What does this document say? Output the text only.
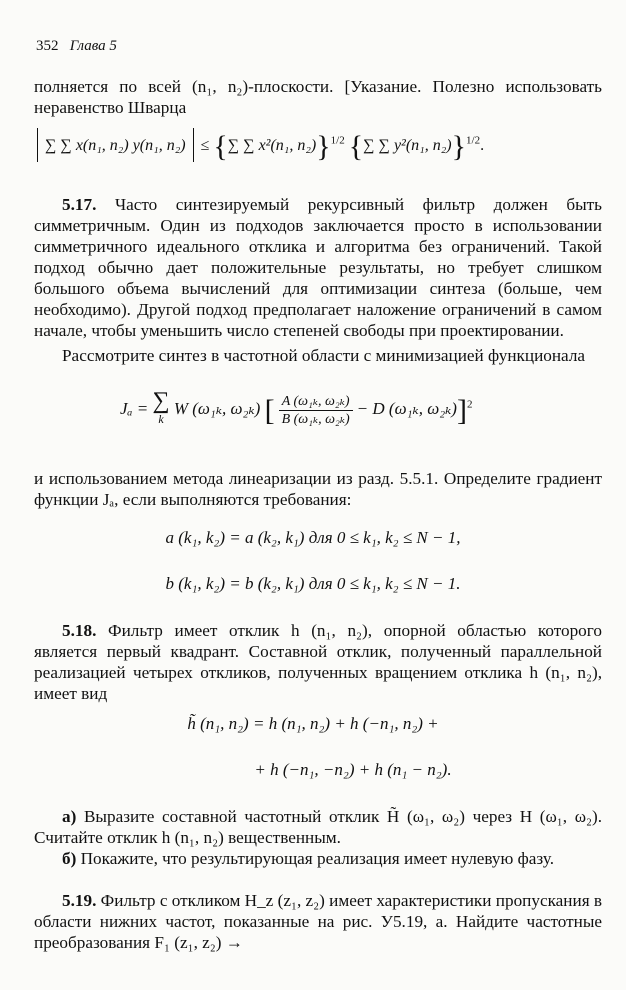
352 Глава 5
полняется по всей (n₁, n₂)-плоскости. [Указание. Полезно использовать неравенство Шварца
∑ ∑ x(n₁, n₂) y(n₁, n₂) ≤ {∑ ∑ x²(n₁, n₂)}$^{1/2}$ {∑ ∑ y²(n₁, n₂)}$^{1/2}$.
5.17. Часто синтезируемый рекурсивный фильтр должен быть симметричным. Один из подходов заключается просто в использовании симметричного идеального отклика и алгоритма без ограничений. Такой подход обычно дает положительные результаты, но требует слишком большого объема вычислений для оптимизации синтеза (больше, чем необходимо). Другой подход предполагает наложение ограничений в самом начале, чтобы уменьшить число степеней свободы при проектировании.
Рассмотрите синтез в частотной области с минимизацией функционала
Jₐ = ∑
k
W (ω₁ₖ, ω₂ₖ) [ $\frac{\text{A (ω₁ₖ, ω₂ₖ)}}{\text{B (ω₁ₖ, ω₂ₖ)}} - D$ (ω₁ₖ, ω₂ₖ)]$^2$
и использованием метода линеаризации из разд. 5.5.1. Определите градиент функции Jₐ, если выполняются требования:
a (k₁, k₂) = a (k₂, k₁) для 0 ≤ k₁, k₂ ≤ N − 1,
b (k₁, k₂) = b (k₂, k₁) для 0 ≤ k₁, k₂ ≤ N − 1.
5.18. Фильтр имеет отклик h (n₁, n₂), опорной областью которого является первый квадрант. Составной отклик, полученный параллельной реализацией четырех откликов, полученных вращением отклика h (n₁, n₂), имеет вид
h̃ (n₁, n₂) = h (n₁, n₂) + h (−n₁, n₂) +
+ h (−n₁, −n₂) + h (n₁ − n₂).
а) Выразите составной частотный отклик H̃ (ω₁, ω₂) через H (ω₁, ω₂). Считайте отклик h (n₁, n₂) вещественным.
б) Покажите, что результирующая реализация имеет нулевую фазу.
5.19. Фильтр с откликом H_z (z₁, z₂) имеет характеристики пропускания в области нижних частот, показанные на рис. У5.19, а. Найдите частотные преобразования F₁ (z₁, z₂) →
